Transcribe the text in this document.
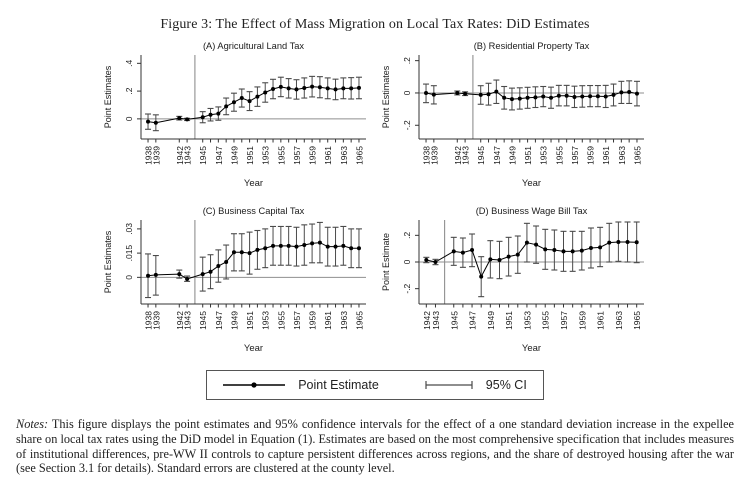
Figure 3: The Effect of Mass Migration on Local Tax Rates: DiD Estimates
0
.2
.4
1938
1939 1942
1943 1945 1947 1949 1951 1953 1955 1957 1959 1961 1963 1965
(A) Agricultural Land Tax
Point Estimates
Year
-.2
0
.2
1938
1939 1942
1943 1945 1947 1949 1951 1953 1955 1957 1959 1961 1963 1965
(B) Residential Property Tax
Point Estimates
Year
0
.015
.03
1938
1939 1942
1943 1945 1947 1949 1951 1953 1955 1957 1959 1961 1963 1965
(C) Business Capital Tax
Point Estimates
Year
-.2
0
.2
1942 1943 1945 1947 1949 1951 1953 1955 1957 1959 1961 1963 1965
(D) Business Wage Bill Tax
Point Estimate
Year
Point Estimate	95% CI

Notes: This figure displays the point estimates and 95% confidence intervals for the effect of a one standard deviation increase in the expellee share on local tax rates using the DiD model in Equation (1). Estimates are based on the most comprehensive specification that includes measures of institutional differences, pre-WW II controls to capture persistent differences across regions, and the share of destroyed housing after the war (see Section 3.1 for details). Standard errors are clustered at the county level.
